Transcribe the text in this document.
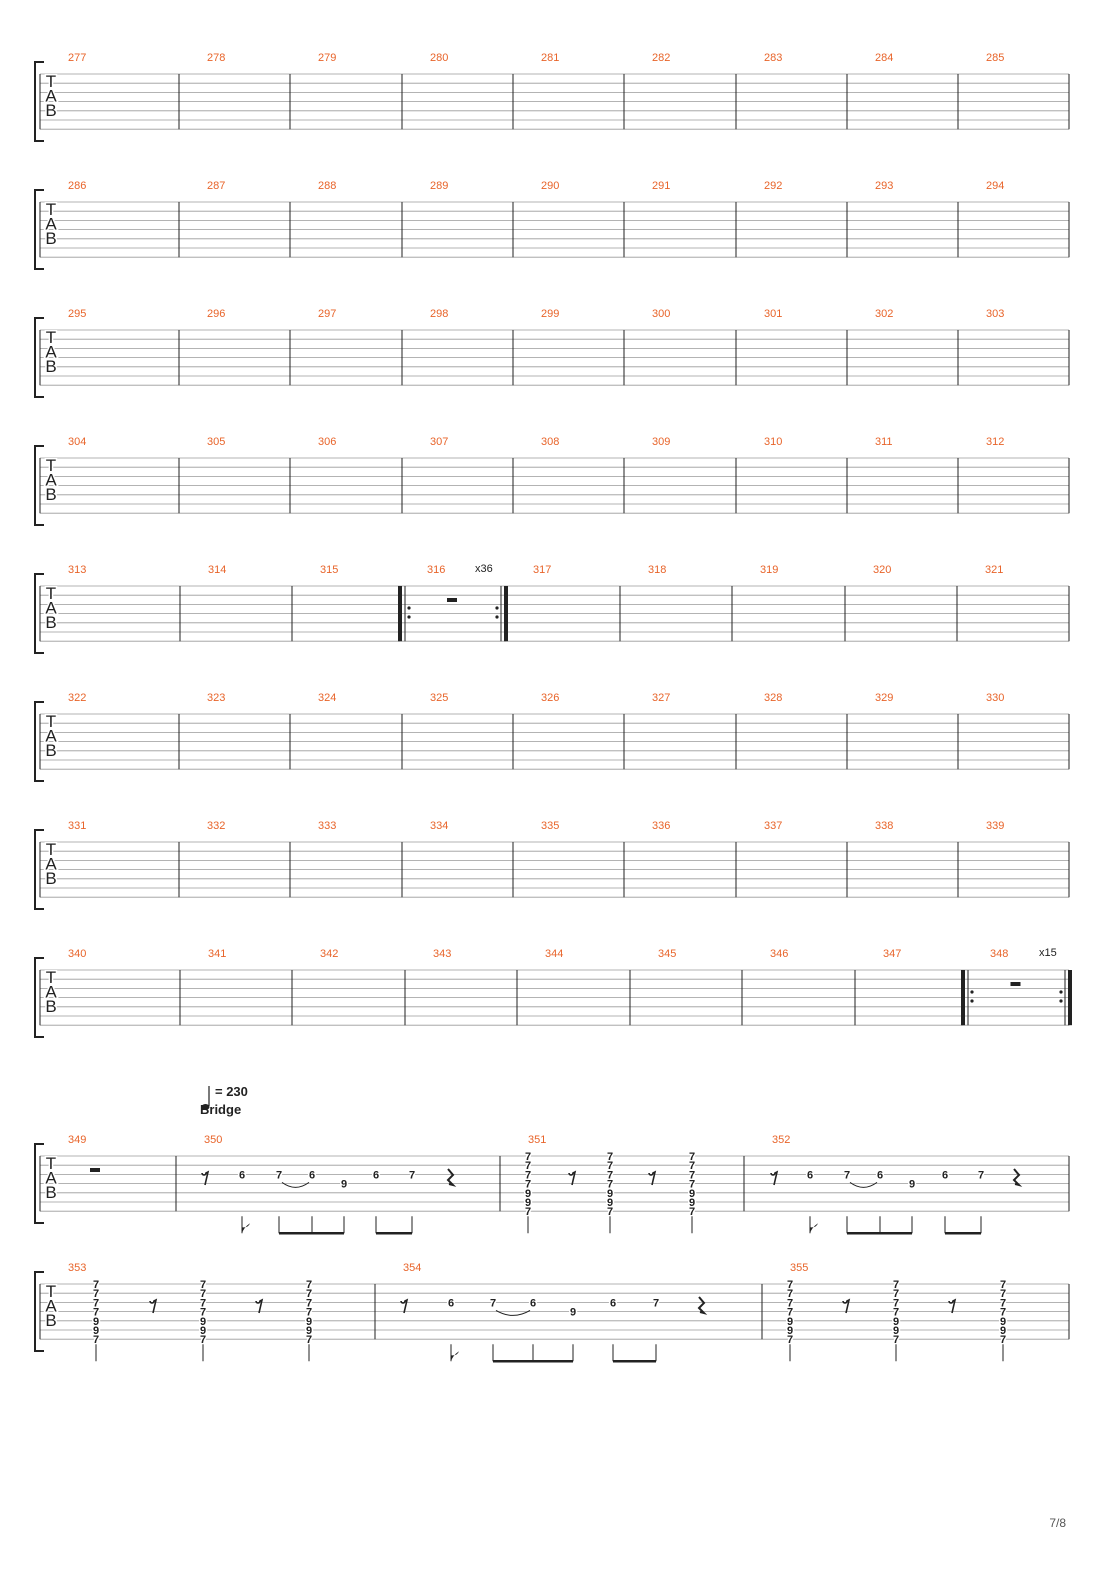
T
A
B
277	278	279	280	281	282	283	284	285
T
A
B
286	287	288	289	290	291	292	293	294
T
A
B
295	296	297	298	299	300	301	302	303
T
A
B
304	305	306	307	308	309	310	311	312
T
A
B
313	314	315	316	317	318	319	320	321
x36
T
A
B
322	323	324	325	326	327	328	329	330
T
A
B
331	332	333	334	335	336	337	338	339
T
A
B
340	341	342	343	344	345	346	347	348	x15
T
A
B
349	350	351	352
T
A
B
353	354	355
6	7 6
9
6	7
7
7
7
7
9
9
7
7
7
7
7
9
9
7
7
7
7
7
9
9
7
6	7 6
9
6	7
7
7
7
7
9
9
7
7
7
7
7
9
9
7
7
7
7
7
9
9
7
6	7	6
9
6	7
7
7
7
7
9
9
7
7
7
7
7
9
9
7
7
7
7
7
9
9
7
= 230
Bridge
7/8
